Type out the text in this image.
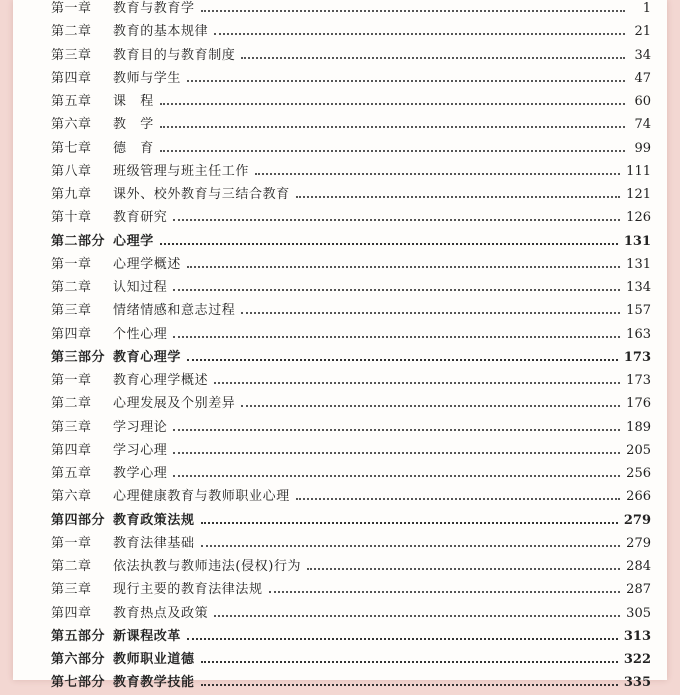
第一章	教育与教育学	1
第二章	教育的基本规律	21
第三章	教育目的与教育制度	34
第四章	教师与学生	47
第五章	课　程	60
第六章	教　学	74
第七章	德　育	99
第八章	班级管理与班主任工作	111
第九章	课外、校外教育与三结合教育	121
第十章	教育研究	126
第二部分 心理学	131
第一章	心理学概述	131
第二章	认知过程	134
第三章	情绪情感和意志过程	157
第四章	个性心理	163
第三部分 教育心理学	173
第一章	教育心理学概述	173
第二章	心理发展及个别差异	176
第三章	学习理论	189
第四章	学习心理	205
第五章	教学心理	256
第六章	心理健康教育与教师职业心理	266
第四部分 教育政策法规	279
第一章	教育法律基础	279
第二章	依法执教与教师违法(侵权)行为	284
第三章	现行主要的教育法律法规	287
第四章	教育热点及政策	305
第五部分 新课程改革	313
第六部分 教师职业道德	322
第七部分 教育教学技能	335
